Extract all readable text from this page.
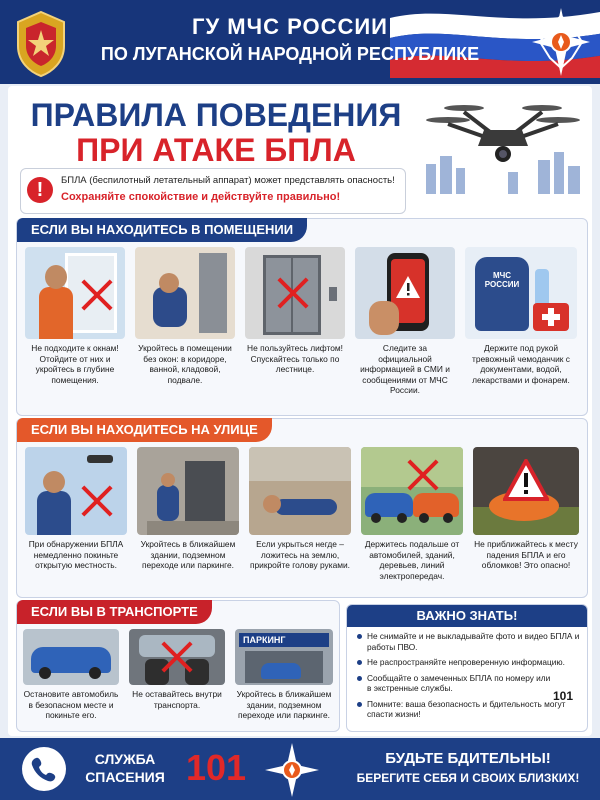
ГУ МЧС РОССИИ
ПО ЛУГАНСКОЙ НАРОДНОЙ РЕСПУБЛИКЕ
ПРАВИЛА ПОВЕДЕНИЯ
ПРИ АТАКЕ БПЛА
!	БПЛА (беспилотный летательный аппарат) может представлять опасность!
Сохраняйте спокойствие и действуйте правильно!
ЕСЛИ ВЫ НАХОДИТЕСЬ В ПОМЕЩЕНИИ
Не подходите к окнам! Отойдите от них и укройтесь в глубине помещения.
Укройтесь в помещении без окон: в коридоре, ванной, кладовой, подвале.
Не пользуйтесь лифтом! Спускайтесь только по лестнице.
Следите за официальной информацией в СМИ и сообщениями от МЧС России.
МЧС РОССИИ
Держите под рукой тревожный чемоданчик с документами, водой, лекарствами и фонарем.
ЕСЛИ ВЫ НАХОДИТЕСЬ НА УЛИЦЕ
При обнаружении БПЛА немедленно покиньте открытую местность.
Укройтесь в ближайшем здании, подземном переходе или паркинге.
Если укрыться негде – ложитесь на землю, прикройте голову руками.
Держитесь подальше от автомобилей, зданий, деревьев, линий электропередач.
Не приближайтесь к месту падения БПЛА и его обломков! Это опасно!
ЕСЛИ ВЫ В ТРАНСПОРТЕ
Остановите автомобиль в безопасном месте и покиньте его.
Не оставайтесь внутри транспорта.
ПАРКИНГ
Укройтесь в ближайшем здании, подземном переходе или паркинге.
ВАЖНО ЗНАТЬ!
Не снимайте и не выкладывайте фото и видео БПЛА и работы ПВО.
Не распространяйте непроверенную информацию.
Сообщайте о замеченных БПЛА по номеру или в экстренные службы.
Помните: ваша безопасность и бдительность могут спасти жизни!
101
СЛУЖБА
СПАСЕНИЯ 101	БУДЬТЕ БДИТЕЛЬНЫ!
БЕРЕГИТЕ СЕБЯ И СВОИХ БЛИЗКИХ!
